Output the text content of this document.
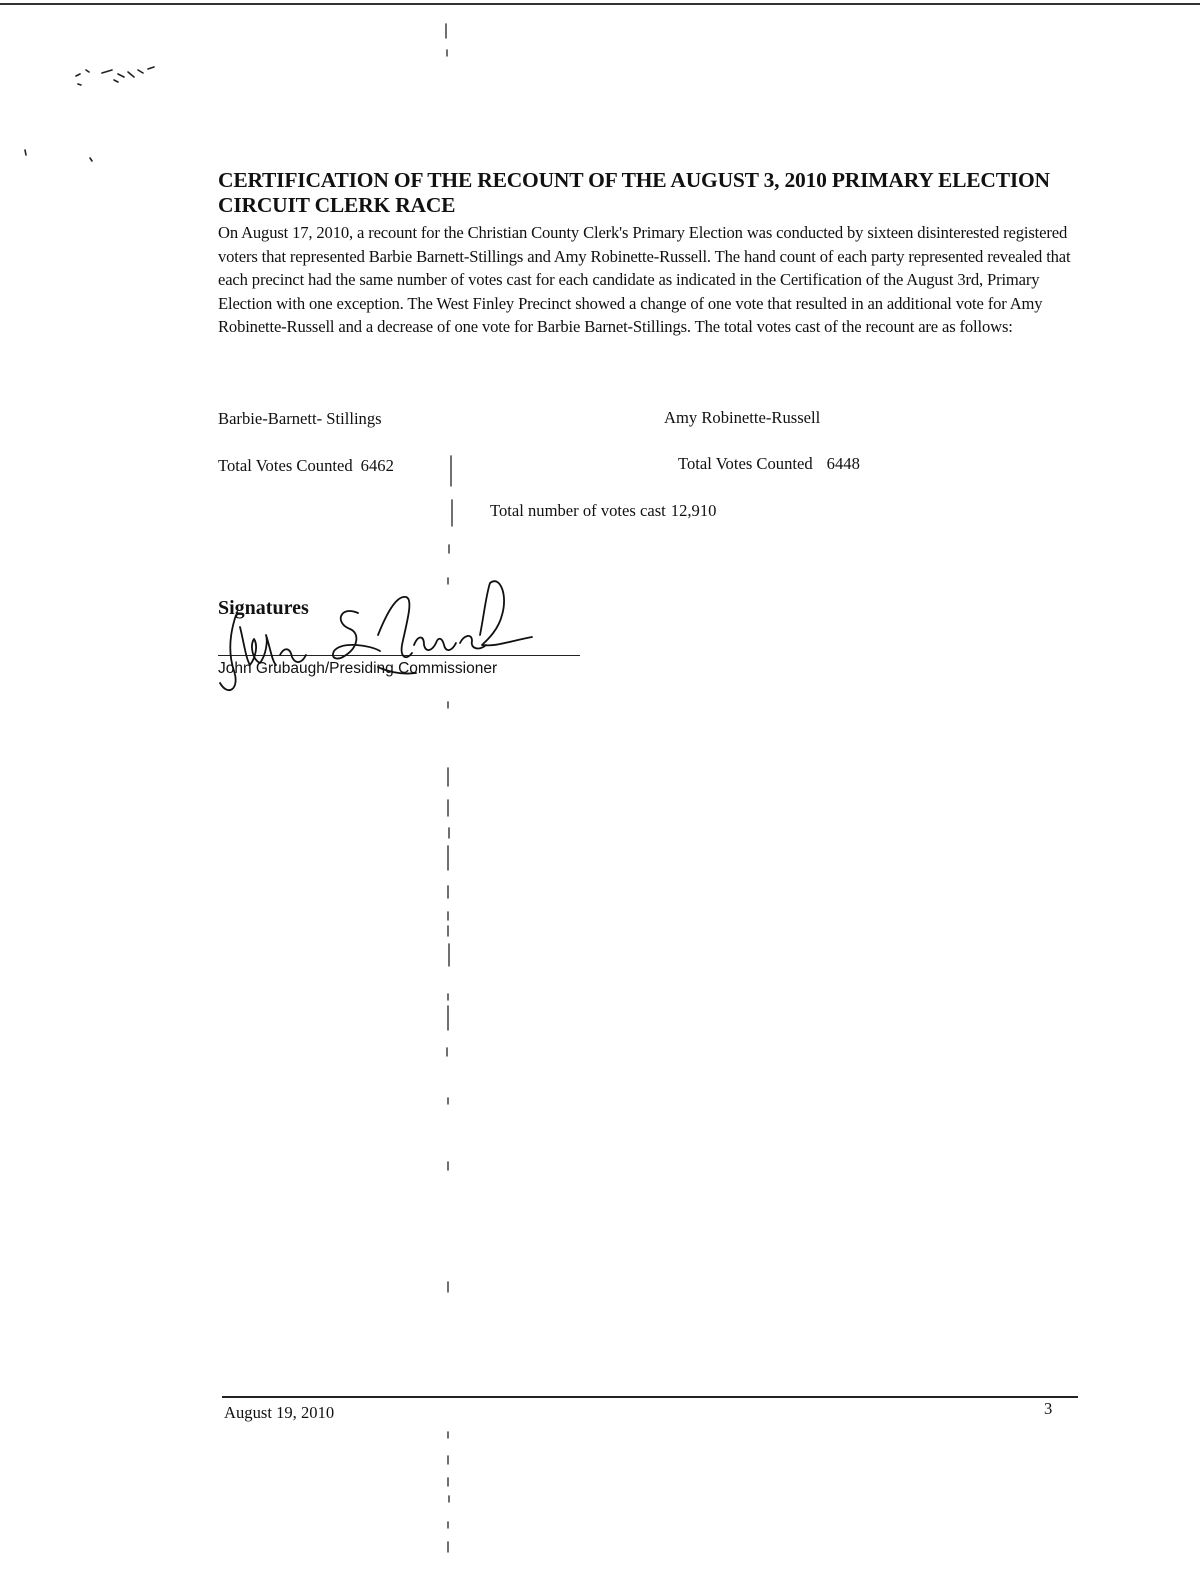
CERTIFICATION OF THE RECOUNT OF THE AUGUST 3, 2010 PRIMARY ELECTION CIRCUIT CLERK RACE

On August 17, 2010, a recount for the Christian County Clerk's Primary Election was conducted by sixteen disinterested registered voters that represented Barbie Barnett-Stillings and Amy Robinette-Russell. The hand count of each party represented revealed that each precinct had the same number of votes cast for each candidate as indicated in the Certification of the August 3rd, Primary Election with one exception. The West Finley Precinct showed a change of one vote that resulted in an additional vote for Amy Robinette-Russell and a decrease of one vote for Barbie Barnet-Stillings. The total votes cast of the recount are as follows:

Barbie-Barnett- Stillings	Amy Robinette-Russell
Total Votes Counted 6462	Total Votes Counted 6448
Total number of votes cast 12,910
Signatures
John Grubaugh/Presiding Commissioner
August 19, 2010	3
